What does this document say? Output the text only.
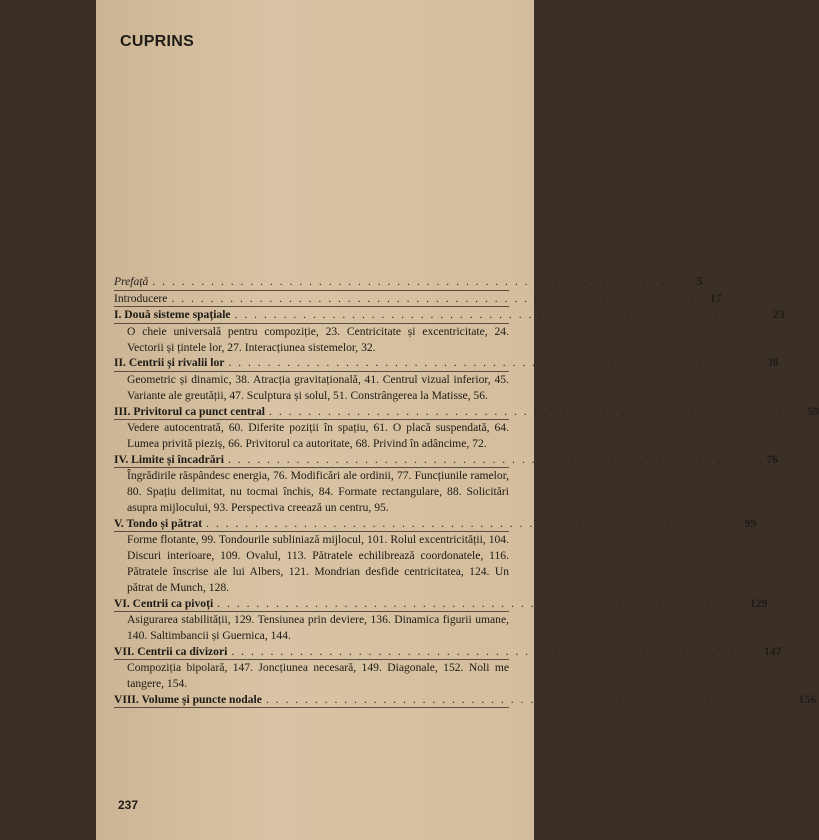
CUPRINS
Prefață . . . . . . . . . . . . . . . . . . . . . . . . . . . . . . . . . . . . . . . . . . . . . . . . . . . . . .	5
Introducere . . . . . . . . . . . . . . . . . . . . . . . . . . . . . . . . . . . . . . . . . . . . . . . . . . . . . .	17
I. Două sisteme spațiale . . . . . . . . . . . . . . . . . . . . . . . . . . . . . . . . . . . . . . . . . . . . . . . . . . . . . .	23
O cheie universală pentru compoziție, 23. Centricitate și excentricitate, 24. Vectorii și țintele lor, 27. Interacțiunea sistemelor, 32.
II. Centrii și rivalii lor . . . . . . . . . . . . . . . . . . . . . . . . . . . . . . . . . . . . . . . . . . . . . . . . . . . . . .	38
Geometric și dinamic, 38. Atracția gravitațională, 41. Centrul vizual inferior, 45. Variante ale greutății, 47. Sculptura și solul, 51. Constrângerea la Matisse, 56.
III. Privitorul ca punct central . . . . . . . . . . . . . . . . . . . . . . . . . . . . . . . . . . . . . . . . . . . . . . . . . . . . . .	59
Vedere autocentrată, 60. Diferite poziții în spațiu, 61. O placă suspendată, 64. Lumea privită pieziș, 66. Privitorul ca autoritate, 68. Privind în adâncime, 72.
IV. Limite și încadrări . . . . . . . . . . . . . . . . . . . . . . . . . . . . . . . . . . . . . . . . . . . . . . . . . . . . . .	76
Îngrădirile răspândesc energia, 76. Modificări ale ordinii, 77. Funcțiunile ramelor, 80. Spațiu delimitat, nu tocmai închis, 84. Formate rectangulare, 88. Solicitări asupra mijlocului, 93. Perspectiva creează un centru, 95.
V. Tondo și pătrat . . . . . . . . . . . . . . . . . . . . . . . . . . . . . . . . . . . . . . . . . . . . . . . . . . . . . .	99
Forme flotante, 99. Tondourile subliniază mijlocul, 101. Rolul excentricității, 104. Discuri interioare, 109. Ovalul, 113. Pătratele echilibrează coordonatele, 116. Pătratele înscrise ale lui Albers, 121. Mondrian desfide centricitatea, 124. Un pătrat de Munch, 128.
VI. Centrii ca pivoți . . . . . . . . . . . . . . . . . . . . . . . . . . . . . . . . . . . . . . . . . . . . . . . . . . . . . . 129
Asigurarea stabilității, 129. Tensiunea prin deviere, 136. Dinamica figurii umane, 140. Saltimbancii și Guernica, 144.
VII. Centrii ca divizori . . . . . . . . . . . . . . . . . . . . . . . . . . . . . . . . . . . . . . . . . . . . . . . . . . . . . . 147
Compoziția bipolară, 147. Joncțiunea necesară, 149. Diagonale, 152. Noli me tangere, 154.
VIII. Volume și puncte nodale . . . . . . . . . . . . . . . . . . . . . . . . . . . . . . . . . . . . . . . . . . . . . . . . . . . . . . 156
237
